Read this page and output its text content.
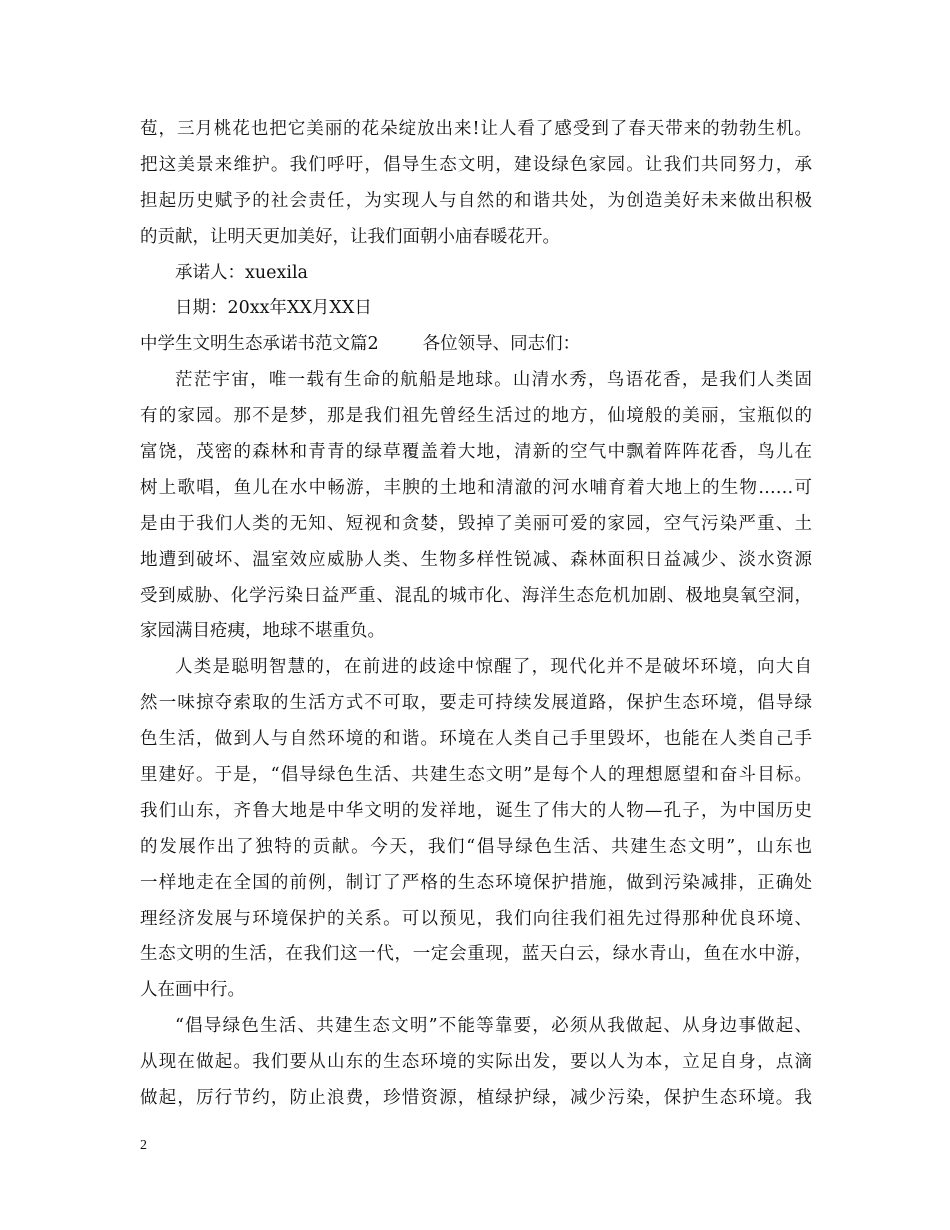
苞，三月桃花也把它美丽的花朵绽放出来!让人看了感受到了春天带来的勃勃生机。
把这美景来维护。我们呼吁，倡导生态文明，建设绿色家园。让我们共同努力，承
担起历史赋予的社会责任，为实现人与自然的和谐共处，为创造美好未来做出积极
的贡献，让明天更加美好，让我们面朝小庙春暖花开。
承诺人：xuexila
日期：20xx年XX月XX日
中学生文明生态承诺书范文篇2	各位领导、同志们：
茫茫宇宙，唯一载有生命的航船是地球。山清水秀，鸟语花香，是我们人类固
有的家园。那不是梦，那是我们祖先曾经生活过的地方，仙境般的美丽，宝瓶似的
富饶，茂密的森林和青青的绿草覆盖着大地，清新的空气中飘着阵阵花香，鸟儿在
树上歌唱，鱼儿在水中畅游，丰腴的土地和清澈的河水哺育着大地上的生物……可
是由于我们人类的无知、短视和贪婪，毁掉了美丽可爱的家园，空气污染严重、土
地遭到破坏、温室效应威胁人类、生物多样性锐减、森林面积日益减少、淡水资源
受到威胁、化学污染日益严重、混乱的城市化、海洋生态危机加剧、极地臭氧空洞，
家园满目疮痍，地球不堪重负。
人类是聪明智慧的，在前进的歧途中惊醒了，现代化并不是破坏环境，向大自
然一味掠夺索取的生活方式不可取，要走可持续发展道路，保护生态环境，倡导绿
色生活，做到人与自然环境的和谐。环境在人类自己手里毁坏，也能在人类自己手
里建好。于是，“倡导绿色生活、共建生态文明”是每个人的理想愿望和奋斗目标。
我们山东，齐鲁大地是中华文明的发祥地，诞生了伟大的人物—孔子，为中国历史
的发展作出了独特的贡献。今天，我们“倡导绿色生活、共建生态文明”，山东也
一样地走在全国的前例，制订了严格的生态环境保护措施，做到污染减排，正确处
理经济发展与环境保护的关系。可以预见，我们向往我们祖先过得那种优良环境、
生态文明的生活，在我们这一代，一定会重现，蓝天白云，绿水青山，鱼在水中游，
人在画中行。
“倡导绿色生活、共建生态文明”不能等靠要，必须从我做起、从身边事做起、
从现在做起。我们要从山东的生态环境的实际出发，要以人为本，立足自身，点滴
做起，厉行节约，防止浪费，珍惜资源，植绿护绿，减少污染，保护生态环境。我
2
